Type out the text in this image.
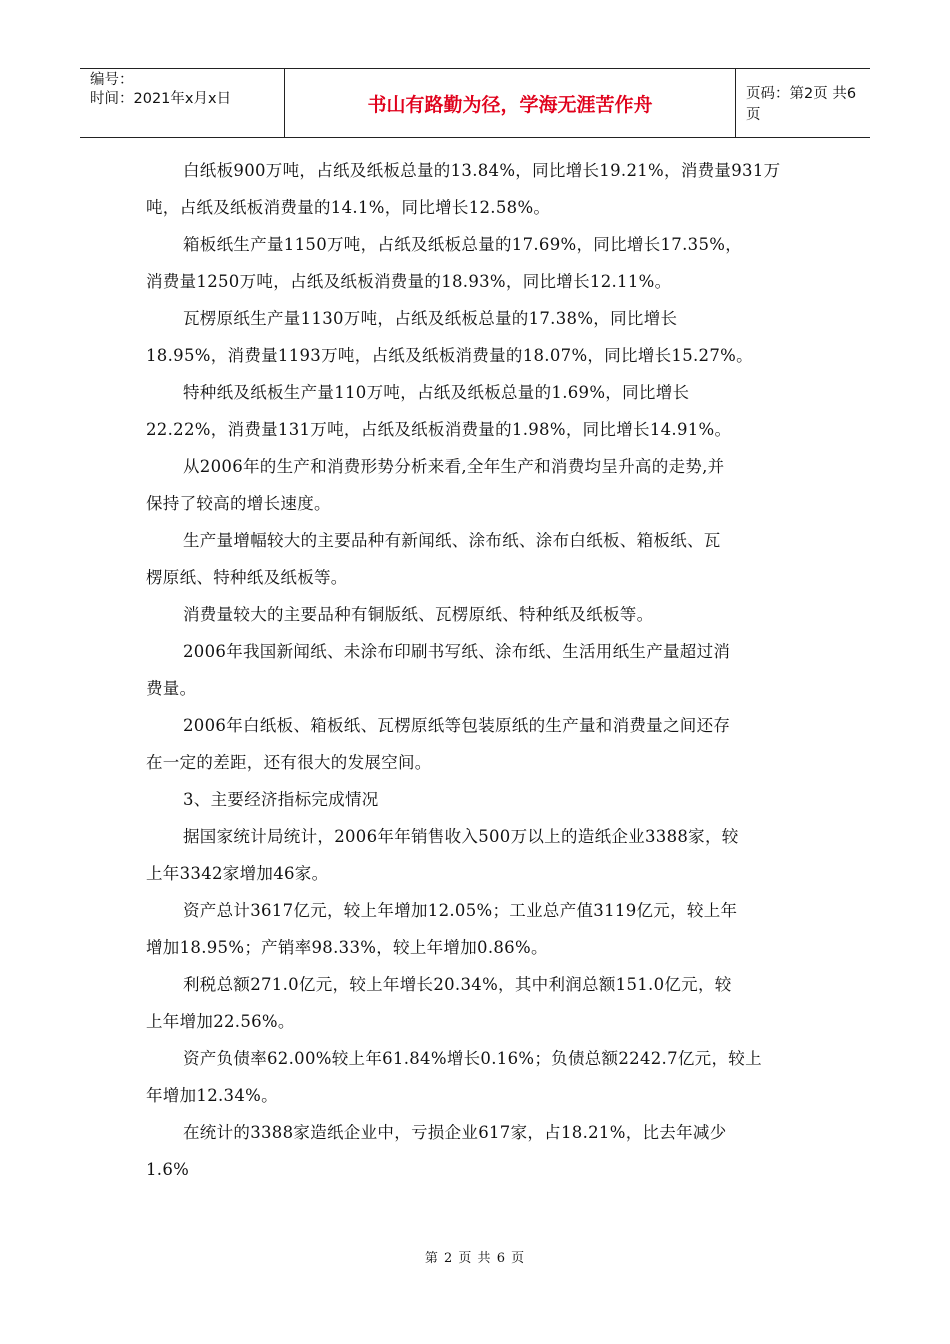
编号：
时间：2021年x月x日	书山有路勤为径，学海无涯苦作舟	页码：第2页 共6页

白纸板900万吨，占纸及纸板总量的13.84%，同比增长19.21%，消费量931万
吨，占纸及纸板消费量的14.1%，同比增长12.58%。

箱板纸生产量1150万吨，占纸及纸板总量的17.69%，同比增长17.35%，
消费量1250万吨，占纸及纸板消费量的18.93%，同比增长12.11%。

瓦楞原纸生产量1130万吨，占纸及纸板总量的17.38%，同比增长
18.95%，消费量1193万吨，占纸及纸板消费量的18.07%，同比增长15.27%。

特种纸及纸板生产量110万吨，占纸及纸板总量的1.69%，同比增长
22.22%，消费量131万吨，占纸及纸板消费量的1.98%，同比增长14.91%。

从2006年的生产和消费形势分析来看,全年生产和消费均呈升高的走势,并
保持了较高的增长速度。

生产量增幅较大的主要品种有新闻纸、涂布纸、涂布白纸板、箱板纸、瓦
楞原纸、特种纸及纸板等。

消费量较大的主要品种有铜版纸、瓦楞原纸、特种纸及纸板等。

2006年我国新闻纸、未涂布印刷书写纸、涂布纸、生活用纸生产量超过消
费量。

2006年白纸板、箱板纸、瓦楞原纸等包装原纸的生产量和消费量之间还存
在一定的差距，还有很大的发展空间。

3、主要经济指标完成情况

据国家统计局统计，2006年年销售收入500万以上的造纸企业3388家，较
上年3342家增加46家。

资产总计3617亿元，较上年增加12.05%；工业总产值3119亿元，较上年
增加18.95%；产销率98.33%，较上年增加0.86%。

利税总额271.0亿元，较上年增长20.34%，其中利润总额151.0亿元，较
上年增加22.56%。

资产负债率62.00%较上年61.84%增长0.16%；负债总额2242.7亿元，较上
年增加12.34%。

在统计的3388家造纸企业中，亏损企业617家，占18.21%，比去年减少
1.6%

第 2 页 共 6 页
